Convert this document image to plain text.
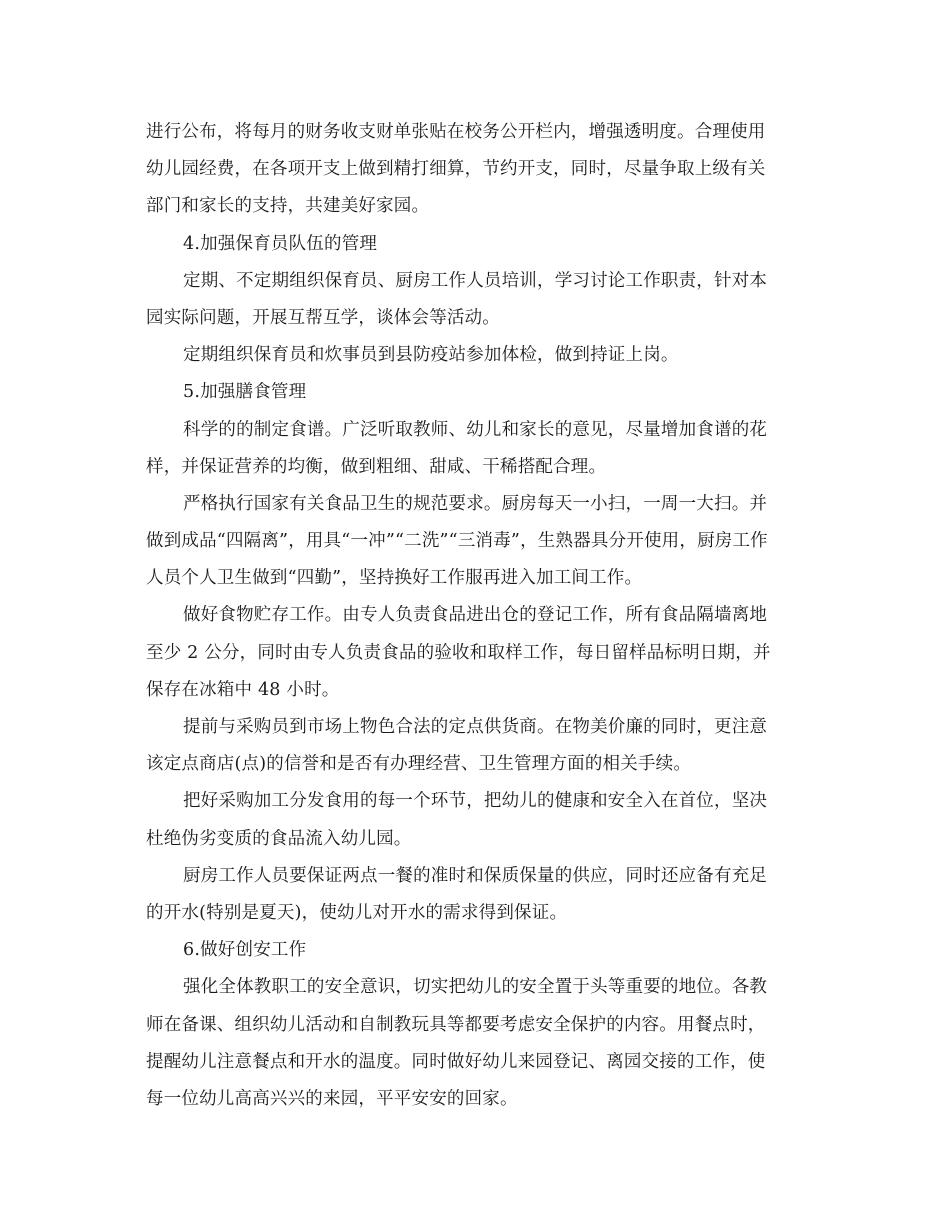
进行公布，将每月的财务收支财单张贴在校务公开栏内，增强透明度。合理使用
幼儿园经费，在各项开支上做到精打细算，节约开支，同时，尽量争取上级有关
部门和家长的支持，共建美好家园。
4.加强保育员队伍的管理
定期、不定期组织保育员、厨房工作人员培训，学习讨论工作职责，针对本
园实际问题，开展互帮互学，谈体会等活动。
定期组织保育员和炊事员到县防疫站参加体检，做到持证上岗。
5.加强膳食管理
科学的的制定食谱。广泛听取教师、幼儿和家长的意见，尽量增加食谱的花
样，并保证营养的均衡，做到粗细、甜咸、干稀搭配合理。
严格执行国家有关食品卫生的规范要求。厨房每天一小扫，一周一大扫。并
做到成品“四隔离”，用具“一冲”“二洗”“三消毒”，生熟器具分开使用，厨房工作
人员个人卫生做到“四勤”，坚持换好工作服再进入加工间工作。
做好食物贮存工作。由专人负责食品进出仓的登记工作，所有食品隔墙离地
至少 2 公分，同时由专人负责食品的验收和取样工作，每日留样品标明日期，并
保存在冰箱中 48 小时。
提前与采购员到市场上物色合法的定点供货商。在物美价廉的同时，更注意
该定点商店(点)的信誉和是否有办理经营、卫生管理方面的相关手续。
把好采购加工分发食用的每一个环节，把幼儿的健康和安全入在首位，坚决
杜绝伪劣变质的食品流入幼儿园。
厨房工作人员要保证两点一餐的准时和保质保量的供应，同时还应备有充足
的开水(特别是夏天)，使幼儿对开水的需求得到保证。
6.做好创安工作
强化全体教职工的安全意识，切实把幼儿的安全置于头等重要的地位。各教
师在备课、组织幼儿活动和自制教玩具等都要考虑安全保护的内容。用餐点时，
提醒幼儿注意餐点和开水的温度。同时做好幼儿来园登记、离园交接的工作，使
每一位幼儿高高兴兴的来园，平平安安的回家。
